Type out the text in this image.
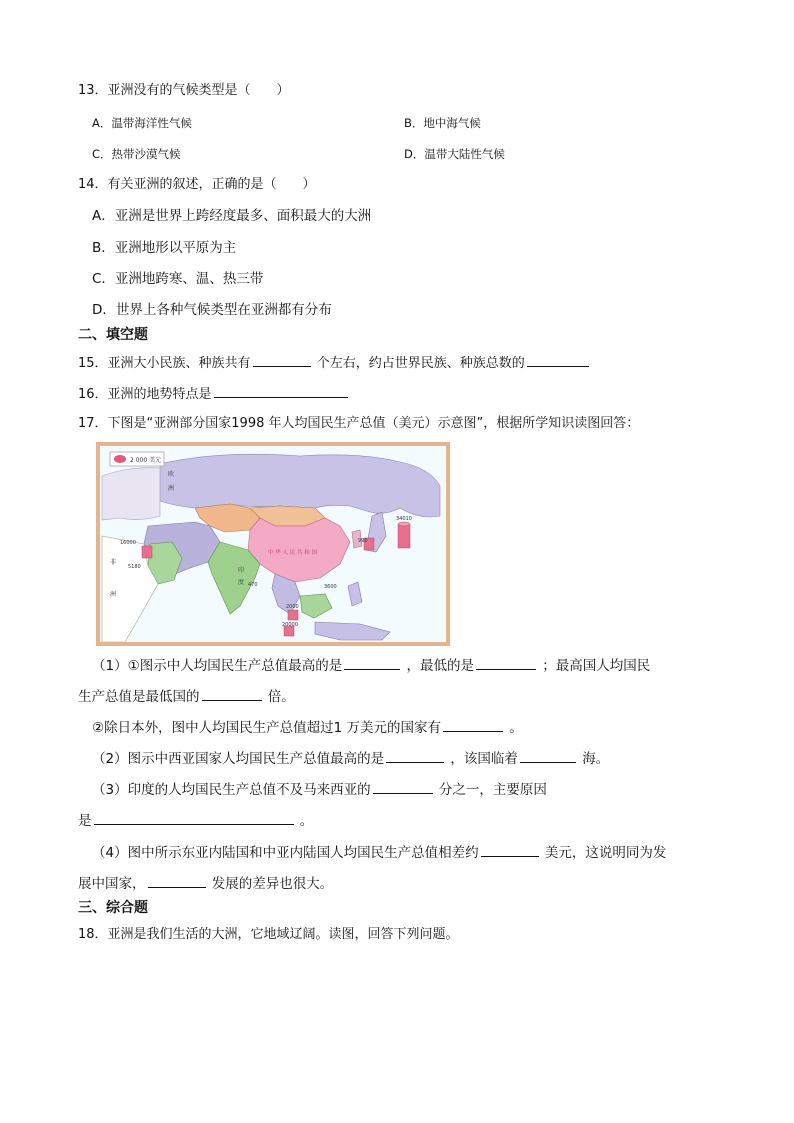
13．亚洲没有的气候类型是（　　）
A．温带海洋性气候	B．地中海气候
C．热带沙漠气候	D．温带大陆性气候
14．有关亚洲的叙述，正确的是（　　）
A．亚洲是世界上跨经度最多、面积最大的大洲
B．亚洲地形以平原为主
C．亚洲地跨寒、温、热三带
D．世界上各种气候类型在亚洲都有分布
二、填空题
15．亚洲大小民族、种族共有	个左右，约占世界民族、种族总数的
16．亚洲的地势特点是
17．下图是“亚洲部分国家1998 年人均国民生产总值（美元）示意图”，根据所学知识读图回答：
2 000 美元
欧
洲
非
洲
中 华 人 民 共 和 国
印
度
34010
16000
5180
990
470
2000
20000
3600
（1）①图示中人均国民生产总值最高的是	，最低的是	；最高国人均国民
生产总值是最低国的	倍。
②除日本外，图中人均国民生产总值超过1 万美元的国家有	。
（2）图示中西亚国家人均国民生产总值最高的是	，该国临着	海。
（3）印度的人均国民生产总值不及马来西亚的	分之一，主要原因
是	。
（4）图中所示东亚内陆国和中亚内陆国人均国民生产总值相差约	美元，这说明同为发
展中国家，	发展的差异也很大。
三、综合题
18．亚洲是我们生活的大洲，它地域辽阔。读图，回答下列问题。
